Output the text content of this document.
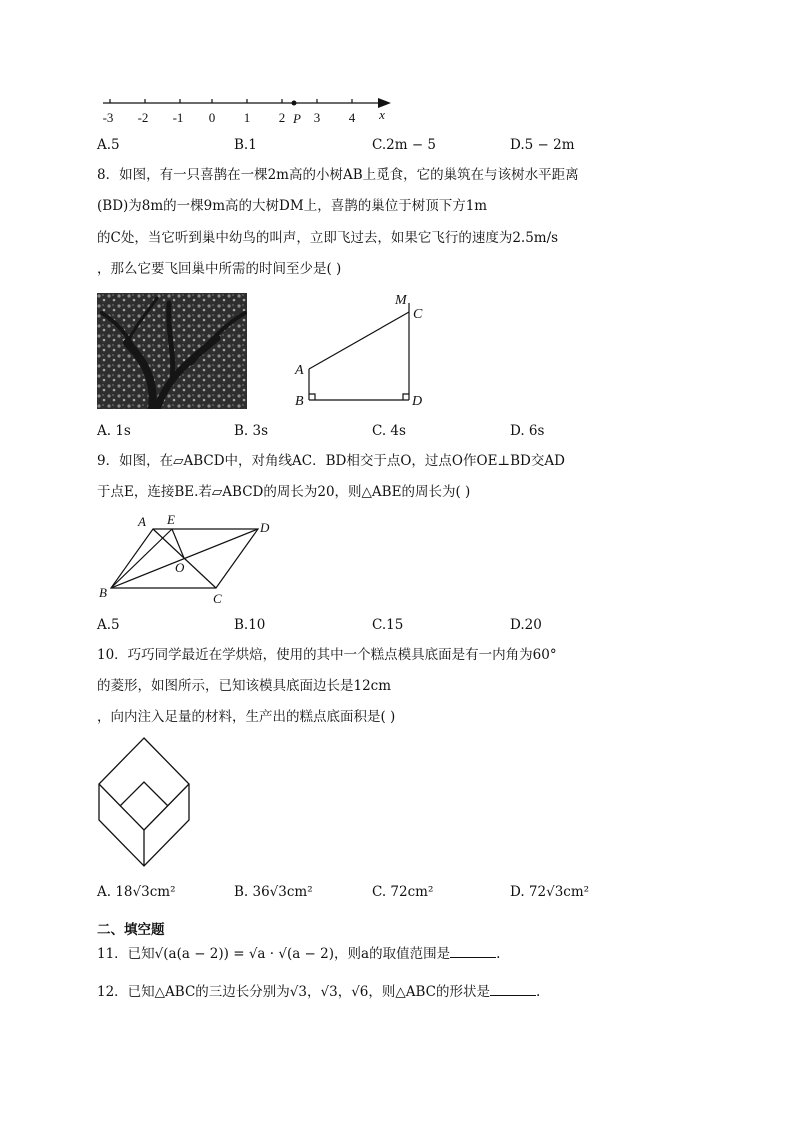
-3 -2 -1 0 1 2 3 4
P	x
A.5	B.1	C.2m − 5	D.5 − 2m
8．如图，有一只喜鹊在一棵2m高的小树AB上觅食，它的巢筑在与该树水平距离
(BD)为8m的一棵9m高的大树DM上，喜鹊的巢位于树顶下方1m
的C处，当它听到巢中幼鸟的叫声，立即飞过去，如果它飞行的速度为2.5m/s
，那么它要飞回巢中所需的时间至少是( )
M
C
A
B	D
A. 1s	B. 3s	C. 4s	D. 6s
9．如图，在▱ABCD中，对角线AC．BD相交于点O，过点O作OE⊥BD交AD
于点E，连接BE.若▱ABCD的周长为20，则△ABE的周长为( )
A E
D
O
B	C
A.5	B.10	C.15	D.20
10．巧巧同学最近在学烘焙，使用的其中一个糕点模具底面是有一内角为60°
的菱形，如图所示，已知该模具底面边长是12cm
，向内注入足量的材料，生产出的糕点底面积是( )
A. 18√3cm²	B. 36√3cm²	C. 72cm²	D. 72√3cm²
二、填空题
11．已知√(a(a − 2)) = √a · √(a − 2)，则a的取值范围是	.
12．已知△ABC的三边长分别为√3，√3，√6，则△ABC的形状是	.
